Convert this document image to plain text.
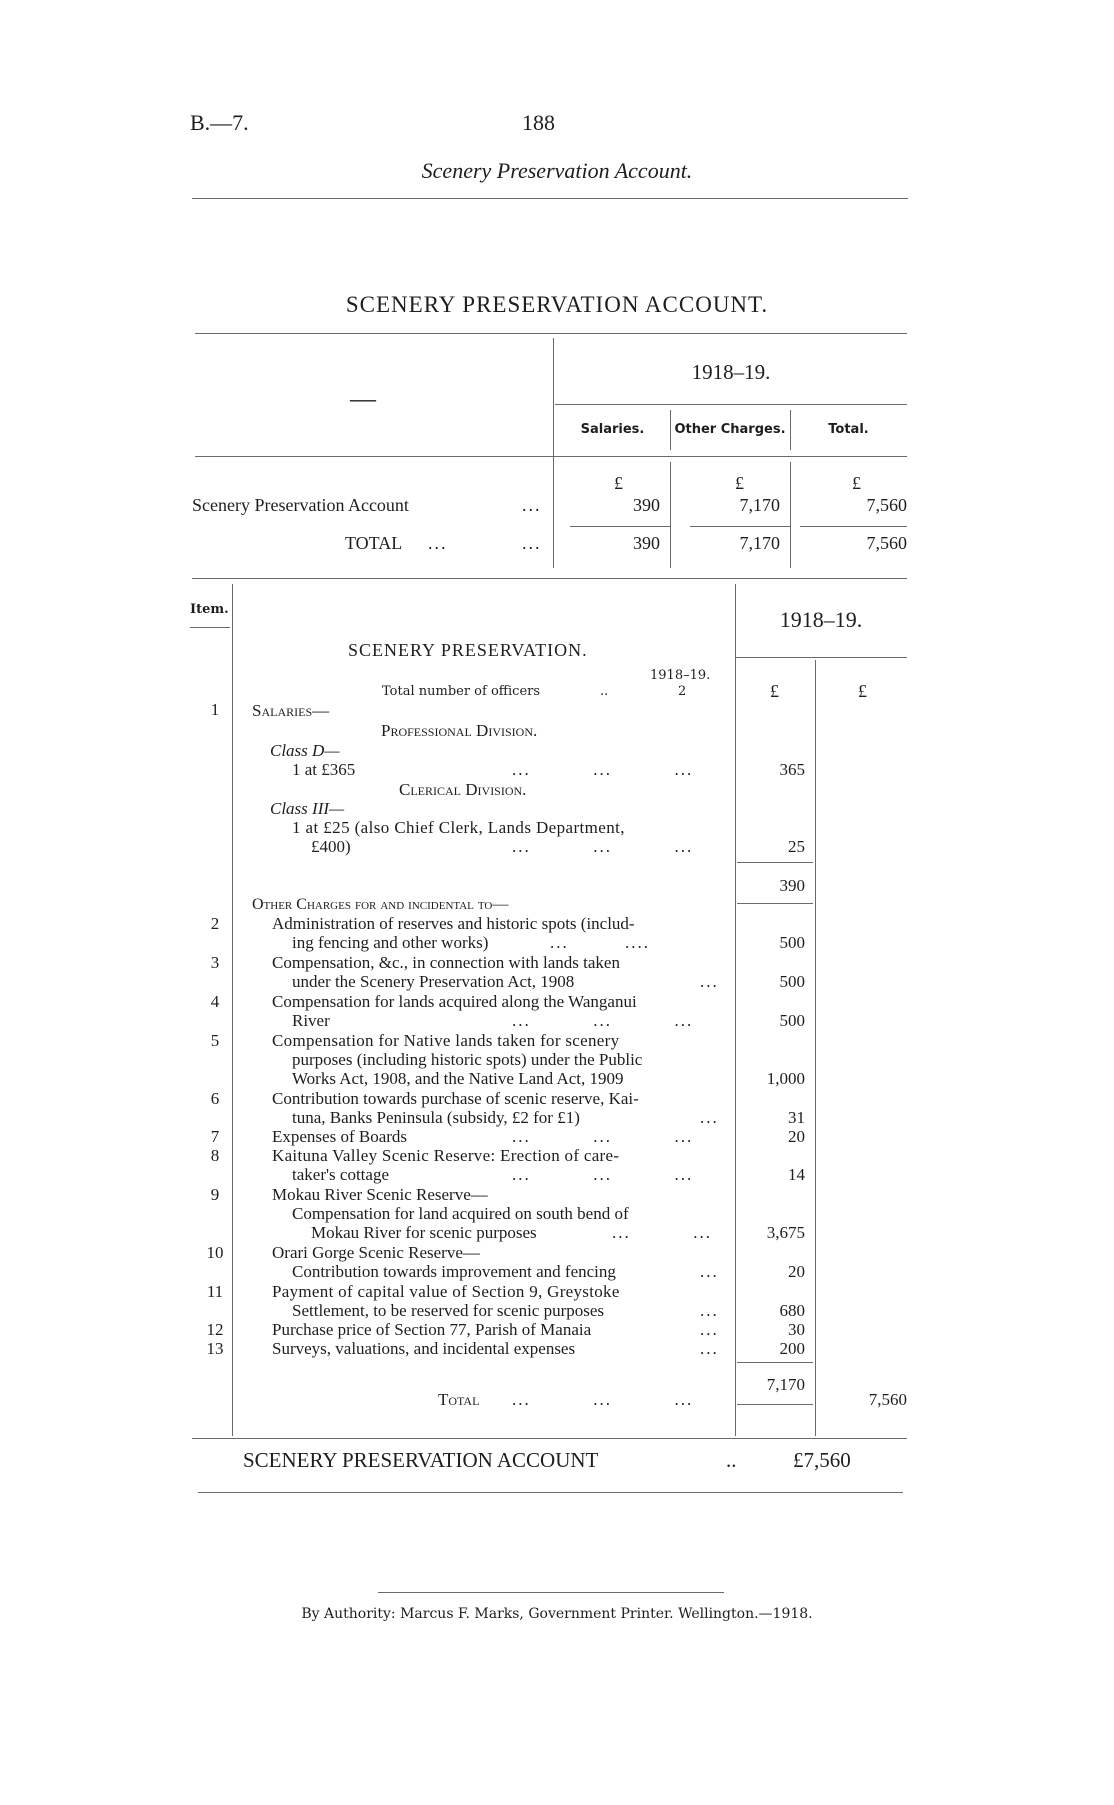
B.—7.	188
Scenery Preservation Account.
SCENERY PRESERVATION ACCOUNT.
—
1918–19.
Salaries.	Other Charges.	Total.
£	£	£
Scenery Preservation Account	...	390	7,170	7,560
TOTAL ...	...	390	7,170	7,560
Item.	1918–19.
SCENERY PRESERVATION.
1918–19.
Total number of officers	..	2	£	£
1	Salaries—
Professional Division.
Class D—
1 at £365	...          ...          ...	365
Clerical Division.
Class III—
1 at £25 (also Chief Clerk, Lands Department,
£400)	...          ...          ...	25
390
Other Charges for and incidental to—
2	Administration of reserves and historic spots (includ-
ing fencing and other works)	...         ....	500
3	Compensation, &c., in connection with lands taken
under the Scenery Preservation Act, 1908	...	500
4	Compensation for lands acquired along the Wanganui
River	...          ...          ...	500
5	Compensation for Native lands taken for scenery
purposes (including historic spots) under the Public
Works Act, 1908, and the Native Land Act, 1909	1,000
6	Contribution towards purchase of scenic reserve, Kai-
tuna, Banks Peninsula (subsidy, £2 for £1)	...	31
7	Expenses of Boards	...          ...          ...	20
8	Kaituna Valley Scenic Reserve: Erection of care-
taker's cottage	...          ...          ...	14
9	Mokau River Scenic Reserve—
Compensation for land acquired on south bend of
Mokau River for scenic purposes	...          ...	3,675
10	Orari Gorge Scenic Reserve—
Contribution towards improvement and fencing	...	20
11	Payment of capital value of Section 9, Greystoke
Settlement, to be reserved for scenic purposes	...	680
12	Purchase price of Section 77, Parish of Manaia	...	30
13	Surveys, valuations, and incidental expenses	...	200
7,170
Total ...          ...          ...	7,560
SCENERY PRESERVATION ACCOUNT	..	£7,560
By Authority: Marcus F. Marks, Government Printer. Wellington.—1918.
